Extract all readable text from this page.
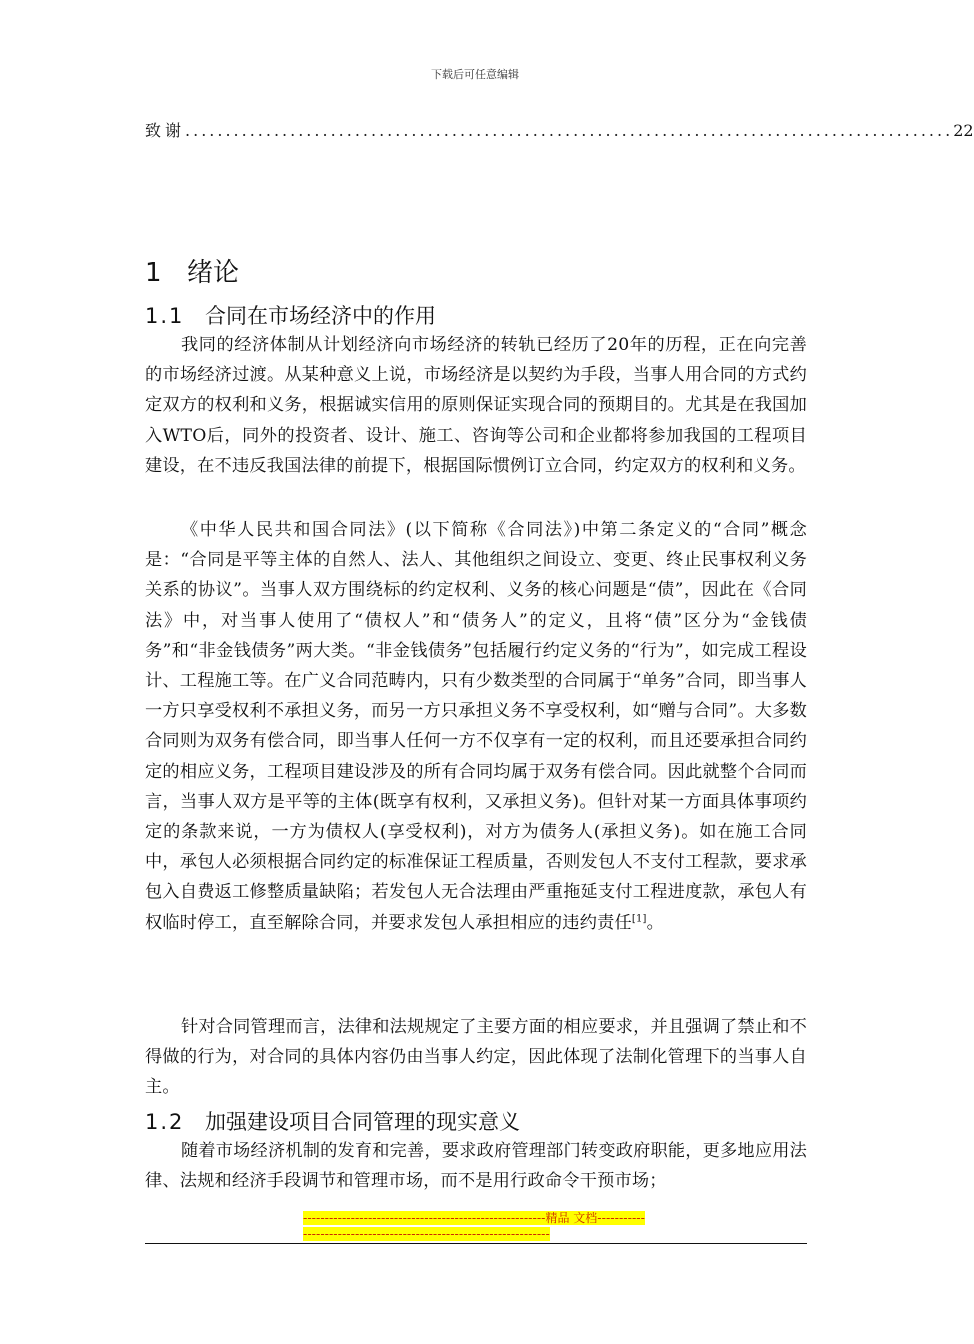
下载后可任意编辑
致谢 ............................................................................................... 22
1 绪论
1.1 合同在市场经济中的作用

我同的经济体制从计划经济向市场经济的转轨已经历了20年的历程，正在向完善的市场经济过渡。从某种意义上说，市场经济是以契约为手段，当事人用合同的方式约定双方的权利和义务，根据诚实信用的原则保证实现合同的预期目的。尤其是在我国加入WTO后，同外的投资者、设计、施工、咨询等公司和企业都将参加我国的工程项目建设，在不违反我国法律的前提下，根据国际惯例订立合同，约定双方的权利和义务。

《中华人民共和国合同法》(以下简称《合同法》)中第二条定义的“合同”概念是：“合同是平等主体的自然人、法人、其他组织之间设立、变更、终止民事权利义务关系的协议”。当事人双方围绕标的约定权利、义务的核心问题是“债”，因此在《合同法》中，对当事人使用了“债权人”和“债务人”的定义，且将“债”区分为“金钱债务”和“非金钱债务”两大类。“非金钱债务”包括履行约定义务的“行为”，如完成工程设计、工程施工等。在广义合同范畴内，只有少数类型的合同属于“单务”合同，即当事人一方只享受权利不承担义务，而另一方只承担义务不享受权利，如“赠与合同”。大多数合同则为双务有偿合同，即当事人任何一方不仅享有一定的权利，而且还要承担合同约定的相应义务，工程项目建设涉及的所有合同均属于双务有偿合同。因此就整个合同而言，当事人双方是平等的主体(既享有权利，又承担义务)。但针对某一方面具体事项约定的条款来说，一方为债权人(享受权利)，对方为债务人(承担义务)。如在施工合同中，承包人必须根据合同约定的标准保证工程质量，否则发包人不支付工程款，要求承包入自费返工修整质量缺陷；若发包人无合法理由严重拖延支付工程进度款，承包人有权临时停工，直至解除合同，并要求发包人承担相应的违约责任[1]。

针对合同管理而言，法律和法规规定了主要方面的相应要求，并且强调了禁止和不得做的行为，对合同的具体内容仍由当事人约定，因此体现了法制化管理下的当事人自主。

1.2 加强建设项目合同管理的现实意义

随着市场经济机制的发育和完善，要求政府管理部门转变政府职能，更多地应用法律、法规和经济手段调节和管理市场，而不是用行政命令干预市场；

--------------------------------------------------------精品 文档--------------------------------------------------------------------
